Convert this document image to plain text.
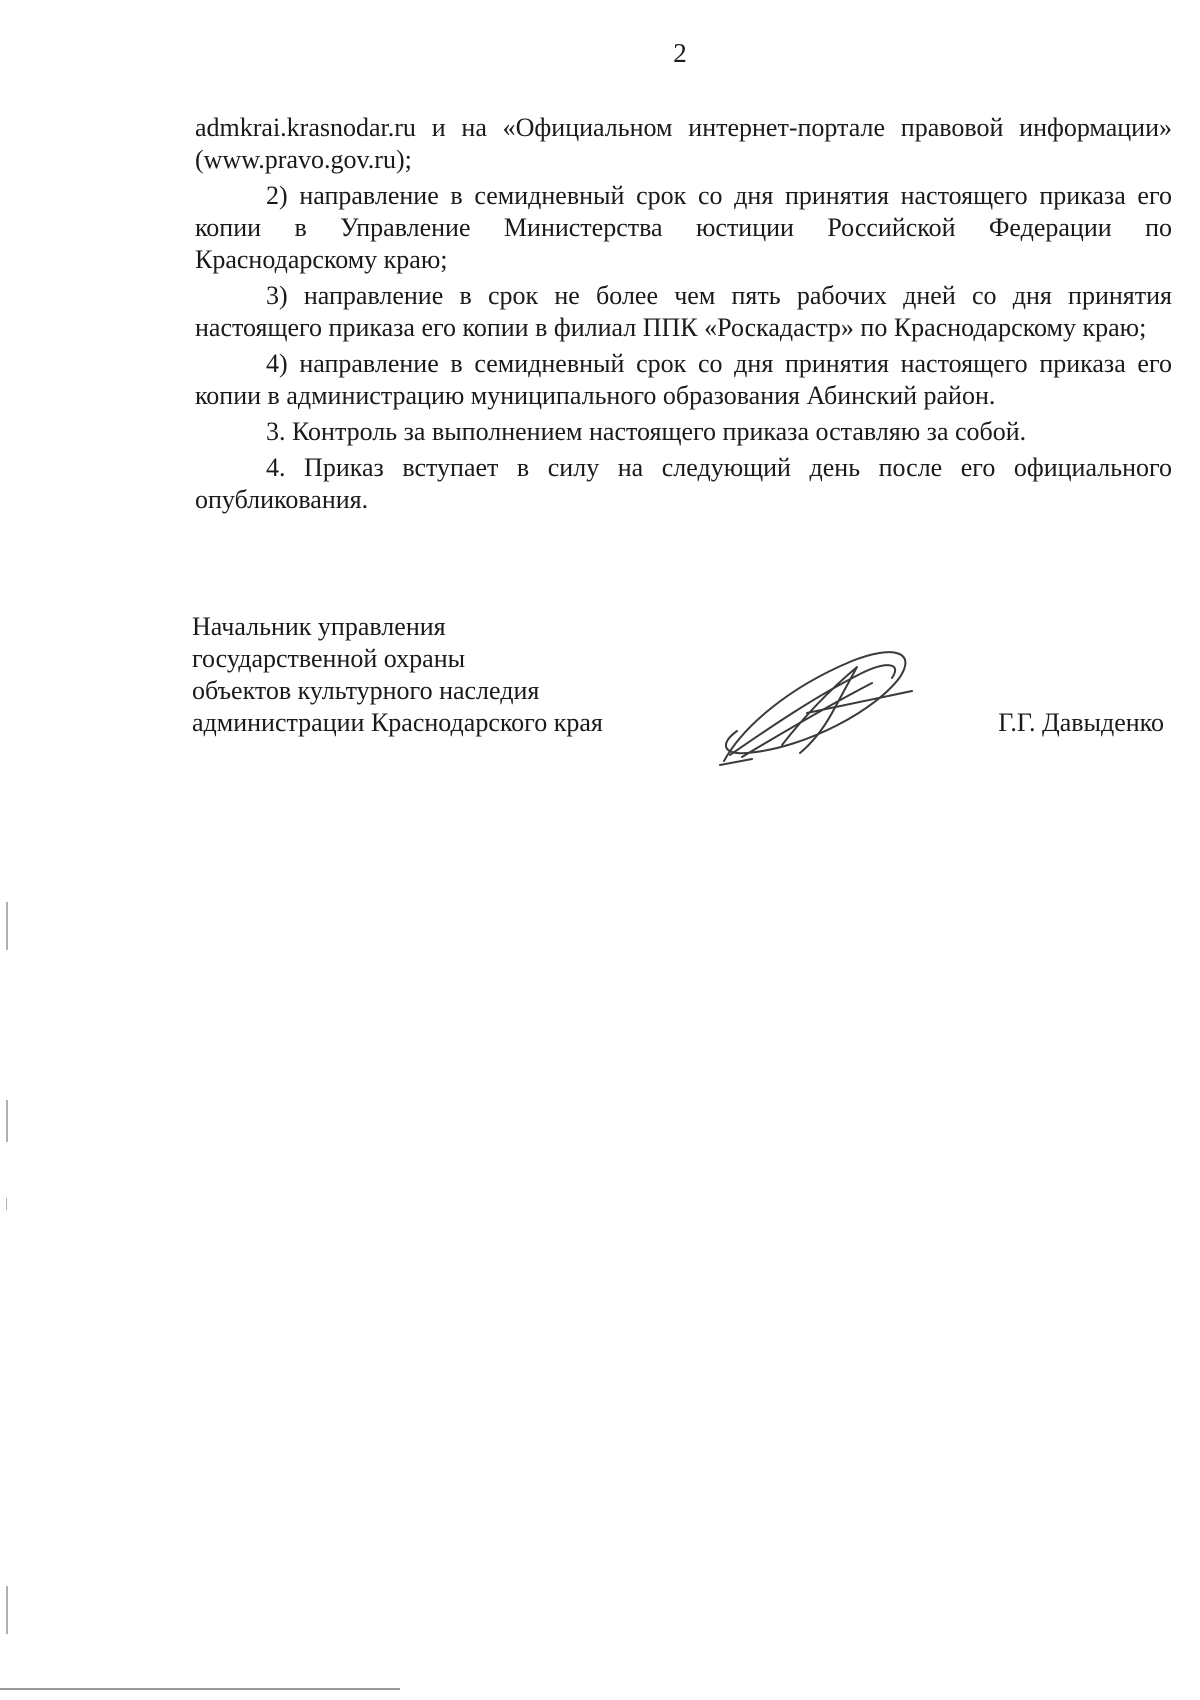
2

admkrai.krasnodar.ru и на «Официальном интернет-портале правовой информации» (www.pravo.gov.ru);

2) направление в семидневный срок со дня принятия настоящего приказа его копии в Управление Министерства юстиции Российской Федерации по Краснодарскому краю;

3) направление в срок не более чем пять рабочих дней со дня принятия настоящего приказа его копии в филиал ППК «Роскадастр» по Краснодарскому краю;

4) направление в семидневный срок со дня принятия настоящего приказа его копии в администрацию муниципального образования Абинский район.

3. Контроль за выполнением настоящего приказа оставляю за собой.

4. Приказ вступает в силу на следующий день после его официального опубликования.

Начальник управления
государственной охраны
объектов культурного наследия
администрации Краснодарского края	Г.Г. Давыденко
